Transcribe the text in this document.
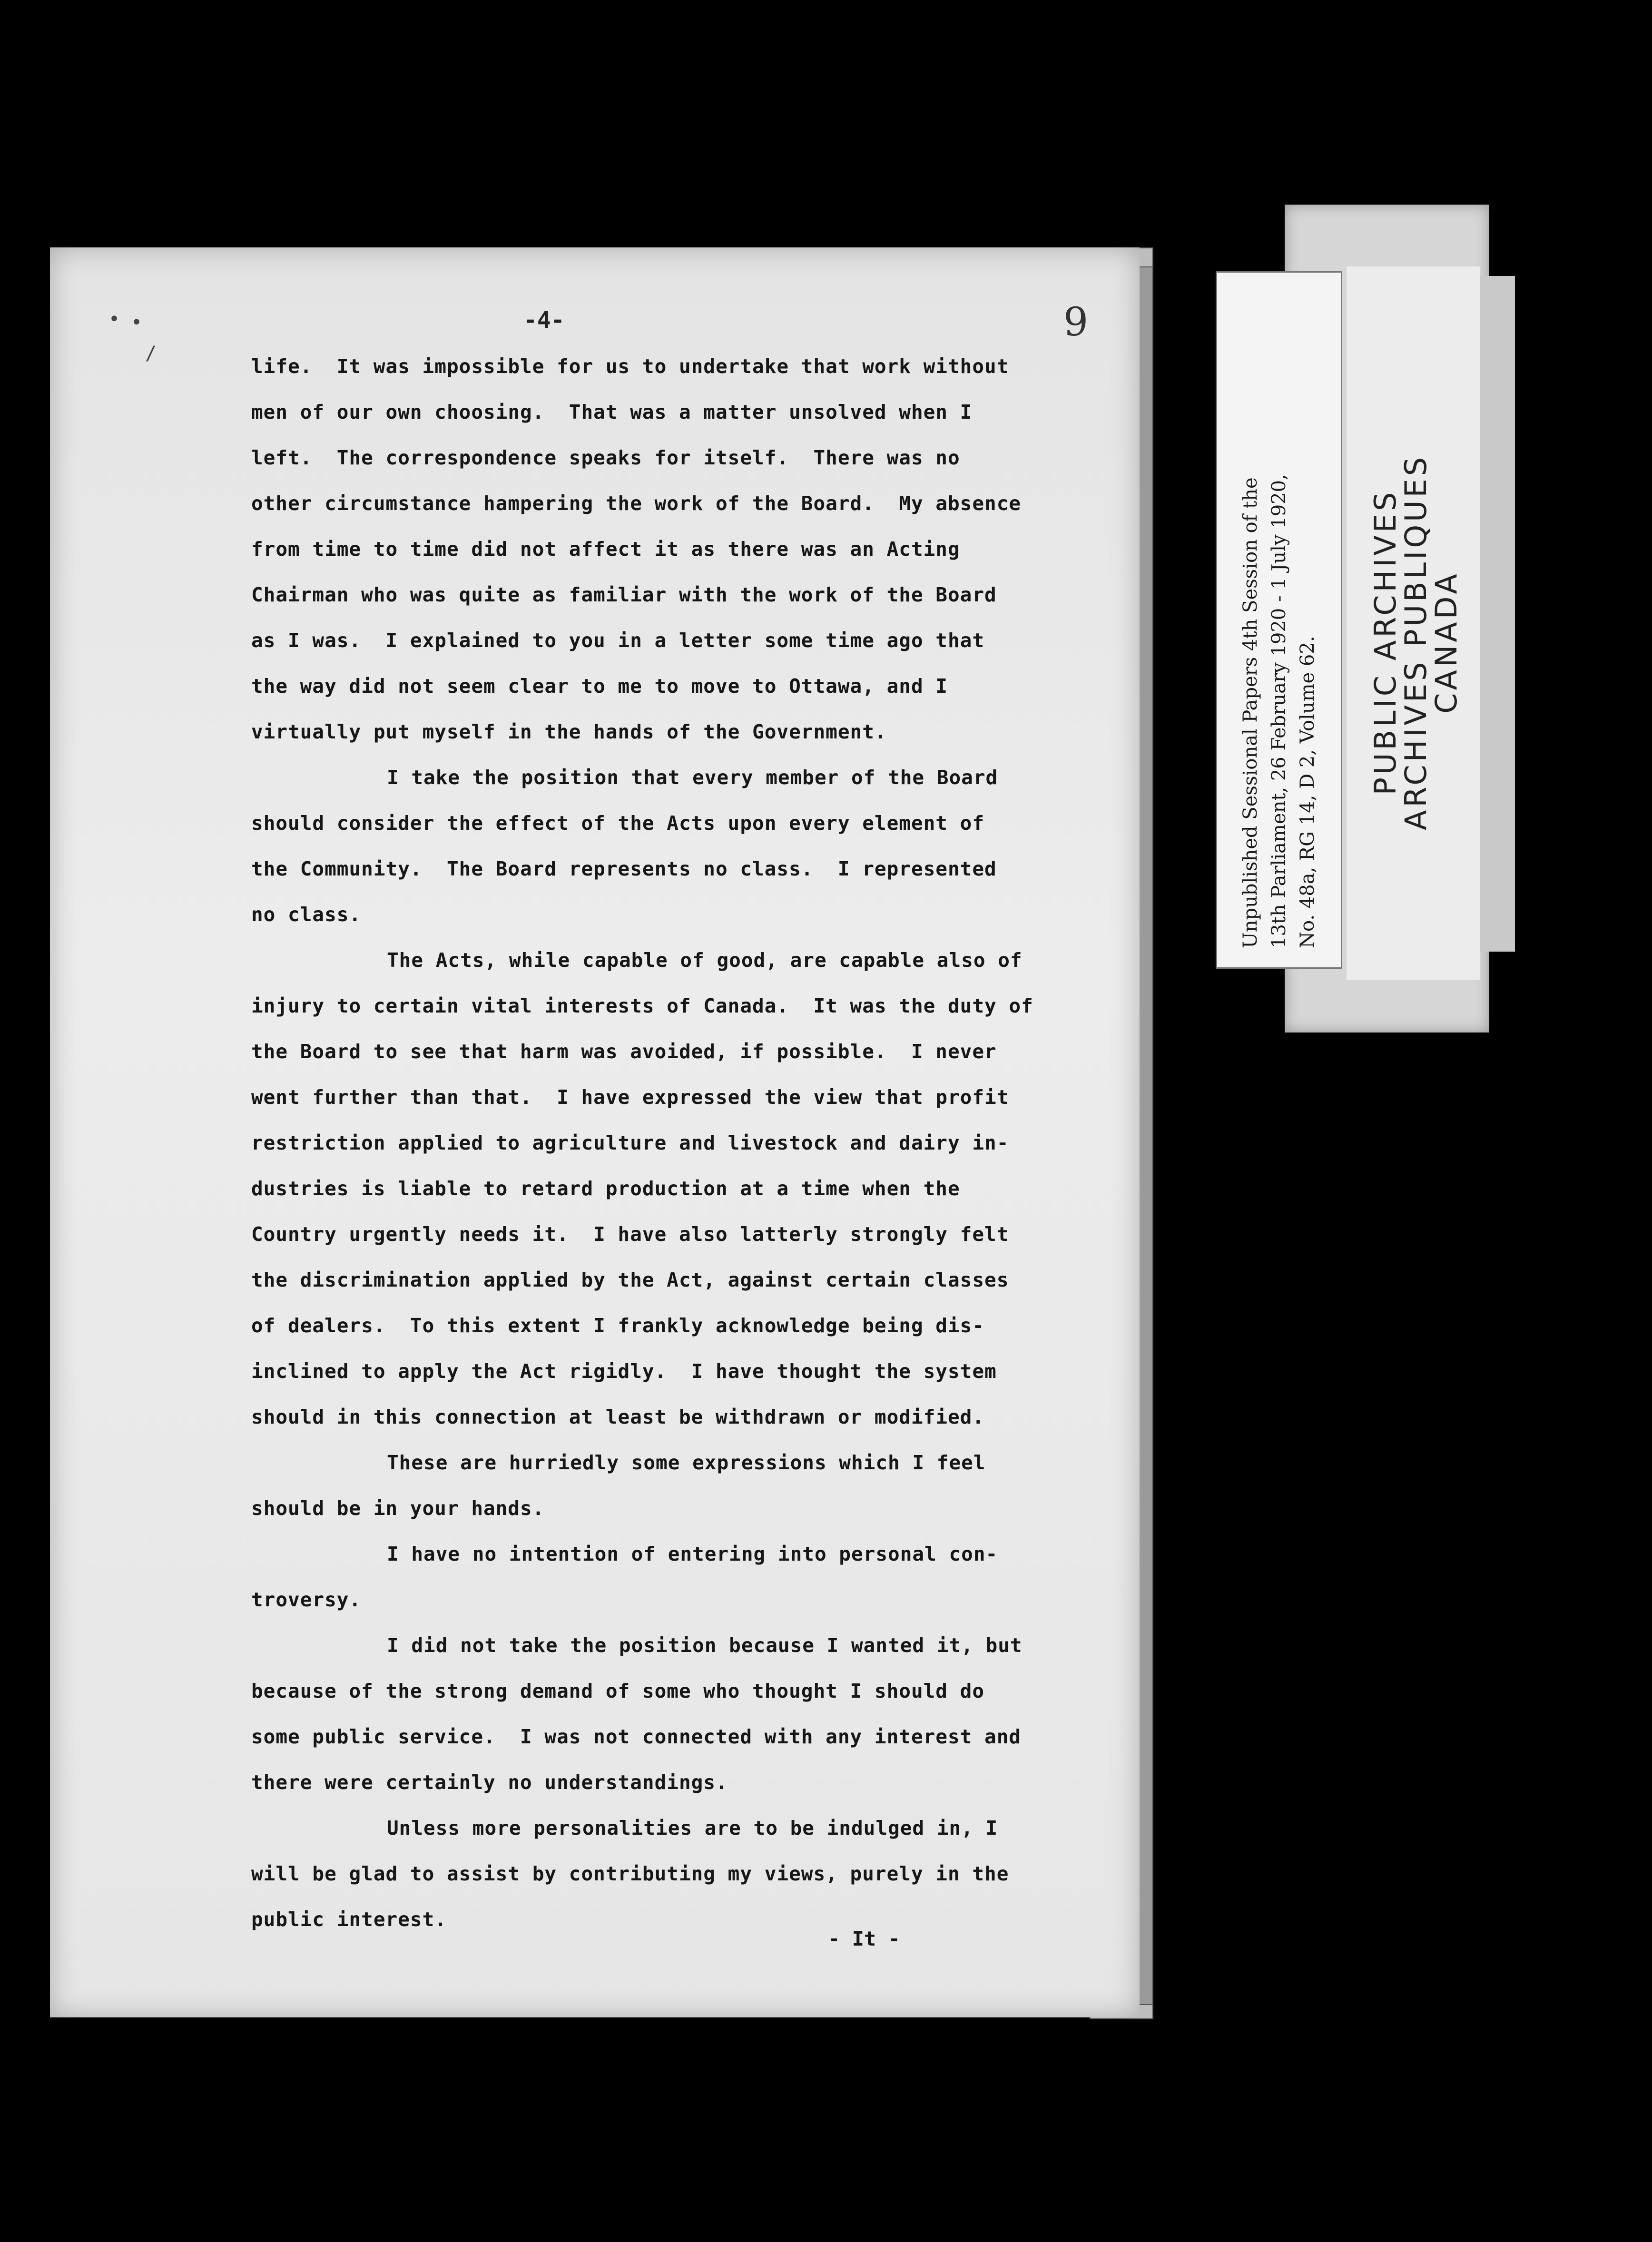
• •
/
-4-	9
life.  It was impossible for us to undertake that work without
men of our own choosing.  That was a matter unsolved when I
left.  The correspondence speaks for itself.  There was no
other circumstance hampering the work of the Board.  My absence
from time to time did not affect it as there was an Acting
Chairman who was quite as familiar with the work of the Board
as I was.  I explained to you in a letter some time ago that
the way did not seem clear to me to move to Ottawa, and I
virtually put myself in the hands of the Government.
I take the position that every member of the Board
should consider the effect of the Acts upon every element of
the Community.  The Board represents no class.  I represented
no class.
The Acts, while capable of good, are capable also of
injury to certain vital interests of Canada.  It was the duty of
the Board to see that harm was avoided, if possible.  I never
went further than that.  I have expressed the view that profit
restriction applied to agriculture and livestock and dairy in-
dustries is liable to retard production at a time when the
Country urgently needs it.  I have also latterly strongly felt
the discrimination applied by the Act, against certain classes
of dealers.  To this extent I frankly acknowledge being dis-
inclined to apply the Act rigidly.  I have thought the system
should in this connection at least be withdrawn or modified.
These are hurriedly some expressions which I feel
should be in your hands.
I have no intention of entering into personal con-
troversy.
I did not take the position because I wanted it, but
because of the strong demand of some who thought I should do
some public service.  I was not connected with any interest and
there were certainly no understandings.
Unless more personalities are to be indulged in, I
will be glad to assist by contributing my views, purely in the
public interest.
- It -
Unpublished Sessional Papers 4th Session of the 13th Parliament, 26 February 1920 - 1 July 1920, No. 48a, RG 14, D 2, Volume 62. PUBLIC ARCHIVES
ARCHIVES PUBLIQUES
CANADA
